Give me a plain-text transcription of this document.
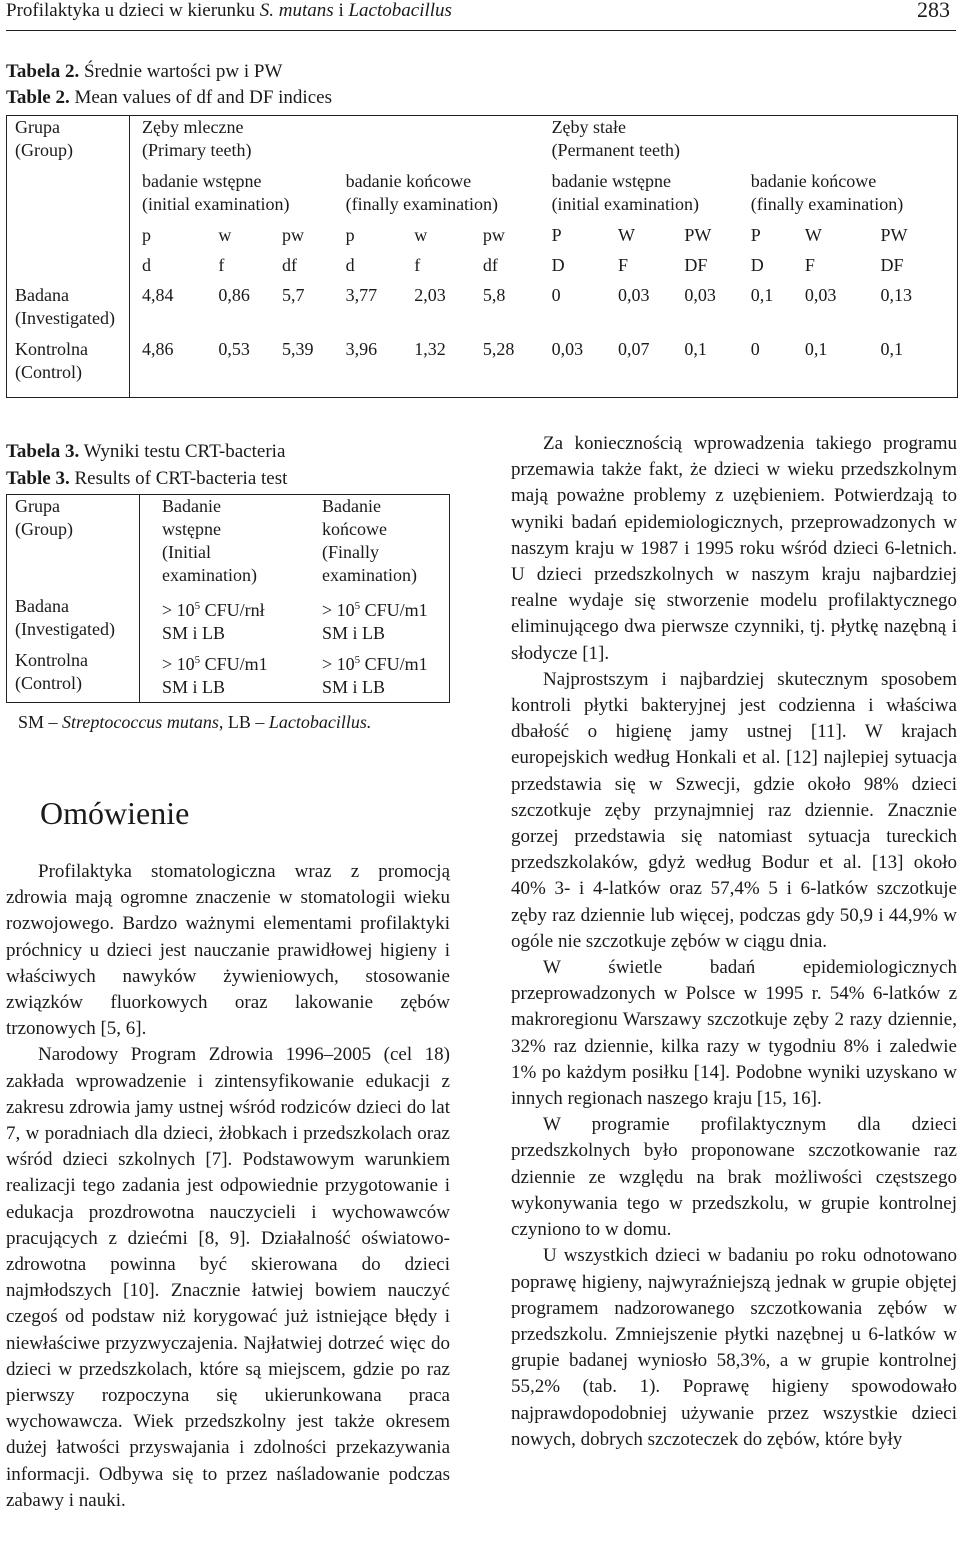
Profilaktyka u dzieci w kierunku S. mutans i Lactobacillus	283
Tabela 2. Średnie wartości pw i PW
Table 2. Mean values of df and DF indices
Grupa
(Group)	Zęby mleczne
(Primary teeth)						Zęby stałe
(Permanent teeth)					
	badanie wstępne
(initial examination)			badanie końcowe
(finally examination)			badanie wstępne
(initial examination)			badanie końcowe
(finally examination)		
	p	w	pw	p	w	pw	P	W	PW	P	W	PW
	d	f	df	d	f	df	D	F	DF	D	F	DF
Badana
(Investigated)	4,84	0,86	5,7	3,77	2,03	5,8	0	0,03	0,03	0,1	0,03	0,13
Kontrolna
(Control)	4,86	0,53	5,39	3,96	1,32	5,28	0,03	0,07	0,1	0	0,1	0,1
Tabela 3. Wyniki testu CRT-bacteria
Table 3. Results of CRT-bacteria test
Grupa
(Group)	Badanie
wstępne
(Initial
examination)	Badanie
końcowe
(Finally
examination)
Badana
(Investigated)	> $10^5$ CFU/rnł
SM i LB	> $10^5$ CFU/m1
SM i LB
Kontrolna
(Control)	> $10^5$ CFU/m1
SM i LB	> $10^5$ CFU/m1
SM i LB
SM – Streptococcus mutans, LB – Lactobacillus.
Omówienie

Profilaktyka stomatologiczna wraz z promocją zdrowia mają ogromne znaczenie w stomatologii wieku rozwojowego. Bardzo ważnymi elementami profilaktyki próchnicy u dzieci jest nauczanie prawidłowej higieny i właściwych nawyków żywieniowych, stosowanie związków fluorkowych oraz lakowanie zębów trzonowych [5, 6].

Narodowy Program Zdrowia 1996–2005 (cel 18) zakłada wprowadzenie i zintensyfikowanie edukacji z zakresu zdrowia jamy ustnej wśród rodziców dzieci do lat 7, w poradniach dla dzieci, żłobkach i przedszkolach oraz wśród dzieci szkolnych [7]. Podstawowym warunkiem realizacji tego zadania jest odpowiednie przygotowanie i edukacja prozdrowotna nauczycieli i wychowawców pracujących z dziećmi [8, 9]. Działalność oświatowo-zdrowotna powinna być skierowana do dzieci najmłodszych [10]. Znacznie łatwiej bowiem nauczyć czegoś od podstaw niż korygować już istniejące błędy i niewłaściwe przyzwyczajenia. Najłatwiej dotrzeć więc do dzieci w przedszkolach, które są miejscem, gdzie po raz pierwszy rozpoczyna się ukierunkowana praca wychowawcza. Wiek przedszkolny jest także okresem dużej łatwości przyswajania i zdolności przekazywania informacji. Odbywa się to przez naśladowanie podczas zabawy i nauki.

Za koniecznością wprowadzenia takiego programu przemawia także fakt, że dzieci w wieku przedszkolnym mają poważne problemy z uzębieniem. Potwierdzają to wyniki badań epidemiologicznych, przeprowadzonych w naszym kraju w 1987 i 1995 roku wśród dzieci 6-letnich. U dzieci przedszkolnych w naszym kraju najbardziej realne wydaje się stworzenie modelu profilaktycznego eliminującego dwa pierwsze czynniki, tj. płytkę nazębną i słodycze [1].

Najprostszym i najbardziej skutecznym sposobem kontroli płytki bakteryjnej jest codzienna i właściwa dbałość o higienę jamy ustnej [11]. W krajach europejskich według Honkali et al. [12] najlepiej sytuacja przedstawia się w Szwecji, gdzie około 98% dzieci szczotkuje zęby przynajmniej raz dziennie. Znacznie gorzej przedstawia się natomiast sytuacja tureckich przedszkolaków, gdyż według Bodur et al. [13] około 40% 3- i 4-latków oraz 57,4% 5 i 6-latków szczotkuje zęby raz dziennie lub więcej, podczas gdy 50,9 i 44,9% w ogóle nie szczotkuje zębów w ciągu dnia.

W świetle badań epidemiologicznych przeprowadzonych w Polsce w 1995 r. 54% 6-latków z makroregionu Warszawy szczotkuje zęby 2 razy dziennie, 32% raz dziennie, kilka razy w tygodniu 8% i zaledwie 1% po każdym posiłku [14]. Podobne wyniki uzyskano w innych regionach naszego kraju [15, 16].

W programie profilaktycznym dla dzieci przedszkolnych było proponowane szczotkowanie raz dziennie ze względu na brak możliwości częstszego wykonywania tego w przedszkolu, w grupie kontrolnej czyniono to w domu.

U wszystkich dzieci w badaniu po roku odnotowano poprawę higieny, najwyraźniejszą jednak w grupie objętej programem nadzorowanego szczotkowania zębów w przedszkolu. Zmniejszenie płytki nazębnej u 6-latków w grupie badanej wyniosło 58,3%, a w grupie kontrolnej 55,2% (tab. 1). Poprawę higieny spowodowało najprawdopodobniej używanie przez wszystkie dzieci nowych, dobrych szczoteczek do zębów, które były
